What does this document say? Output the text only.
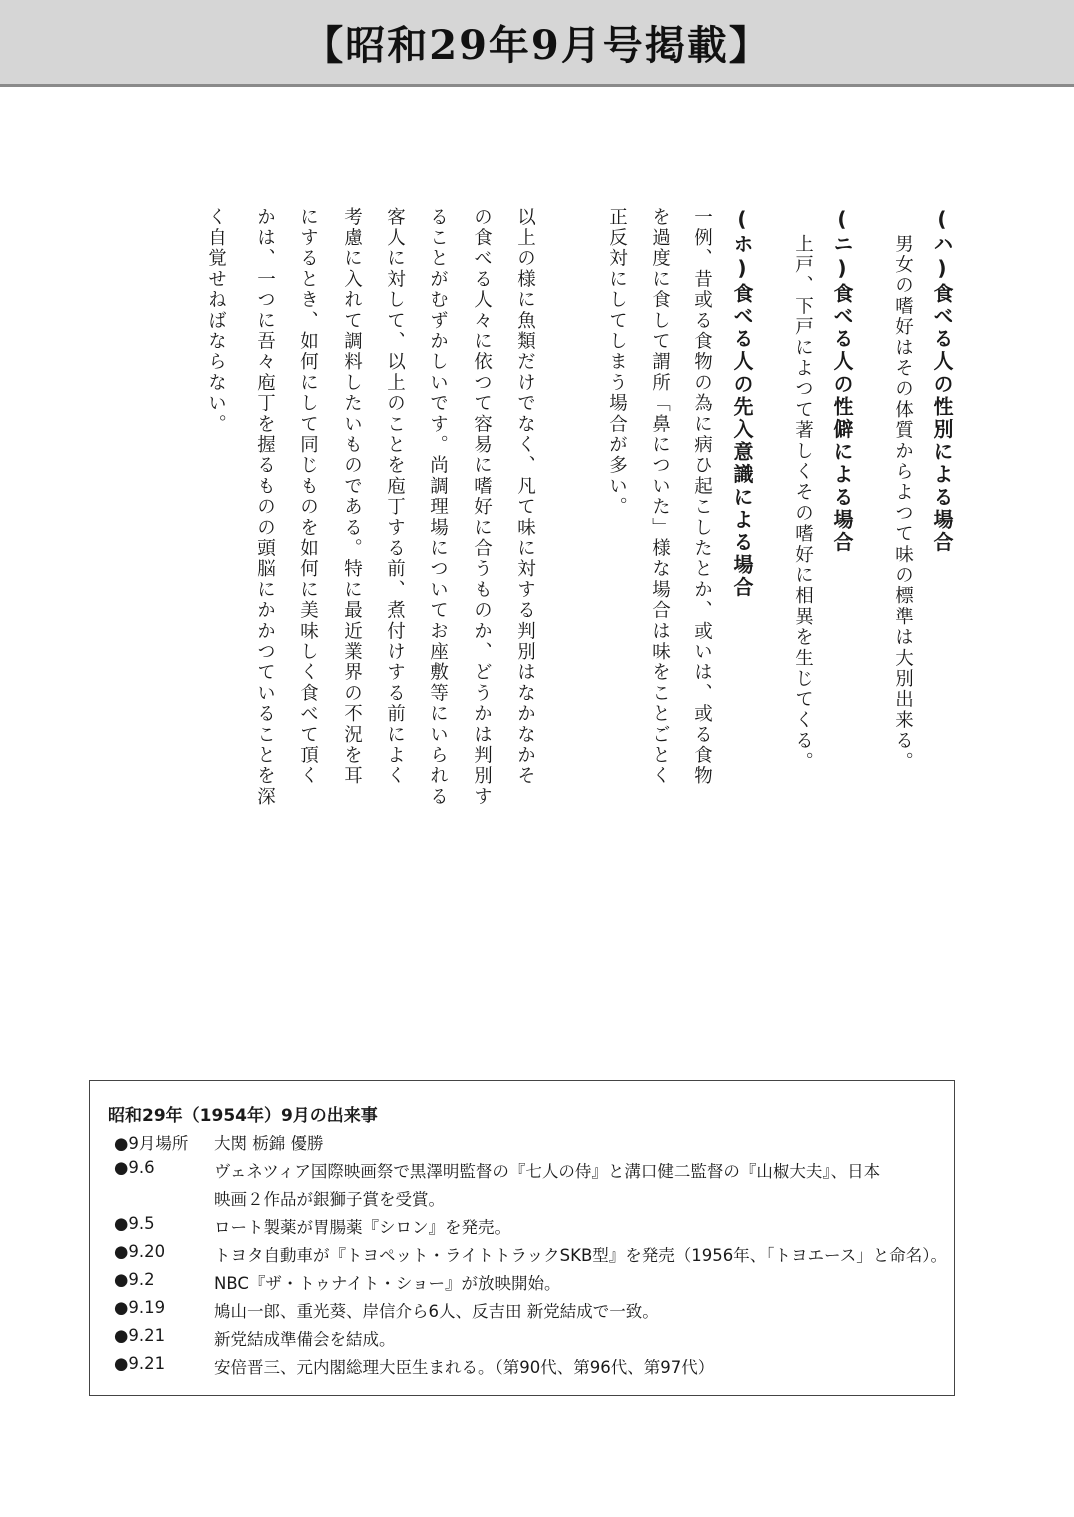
【昭和29年9月号掲載】
(ハ)食べる人の性別による場合
男女の嗜好はその体質からよつて味の標準は大別出来る。
(ニ)食べる人の性僻による場合
上戸、下戸によつて著しくその嗜好に相異を生じてくる。
(ホ)食べる人の先入意識による場合
一例、昔或る食物の為に病ひ起こしたとか、或いは、或る食物
を過度に食して謂所「鼻についた」様な場合は味をことごとく
正反対にしてしまう場合が多い。
以上の様に魚類だけでなく、凡て味に対する判別はなかなかそ
の食べる人々に依つて容易に嗜好に合うものか、どうかは判別す
ることがむずかしいです。尚調理場についてお座敷等にいられる
客人に対して、以上のことを庖丁する前、煮付けする前によく
考慮に入れて調料したいものである。特に最近業界の不況を耳
にするとき、如何にして同じものを如何に美味しく食べて頂く
かは、一つに吾々庖丁を握るものの頭脳にかかつていることを深
く自覚せねばならない。
昭和29年（1954年）9月の出来事
●9月場所 大関 栃錦 優勝
●9.6	ヴェネツィア国際映画祭で黒澤明監督の『七人の侍』と溝口健二監督の『山椒大夫』、日本
映画２作品が銀獅子賞を受賞。
●9.5	ロート製薬が胃腸薬『シロン』を発売。
●9.20	トヨタ自動車が『トヨペット・ライトトラックSKB型』を発売（1956年、「トヨエース」と命名）。
●9.2	NBC『ザ・トゥナイト・ショー』が放映開始。
●9.19	鳩山一郎、重光葵、岸信介ら6人、反吉田 新党結成で一致。
●9.21	新党結成準備会を結成。
●9.21	安倍晋三、元内閣総理大臣生まれる。（第90代、第96代、第97代）
